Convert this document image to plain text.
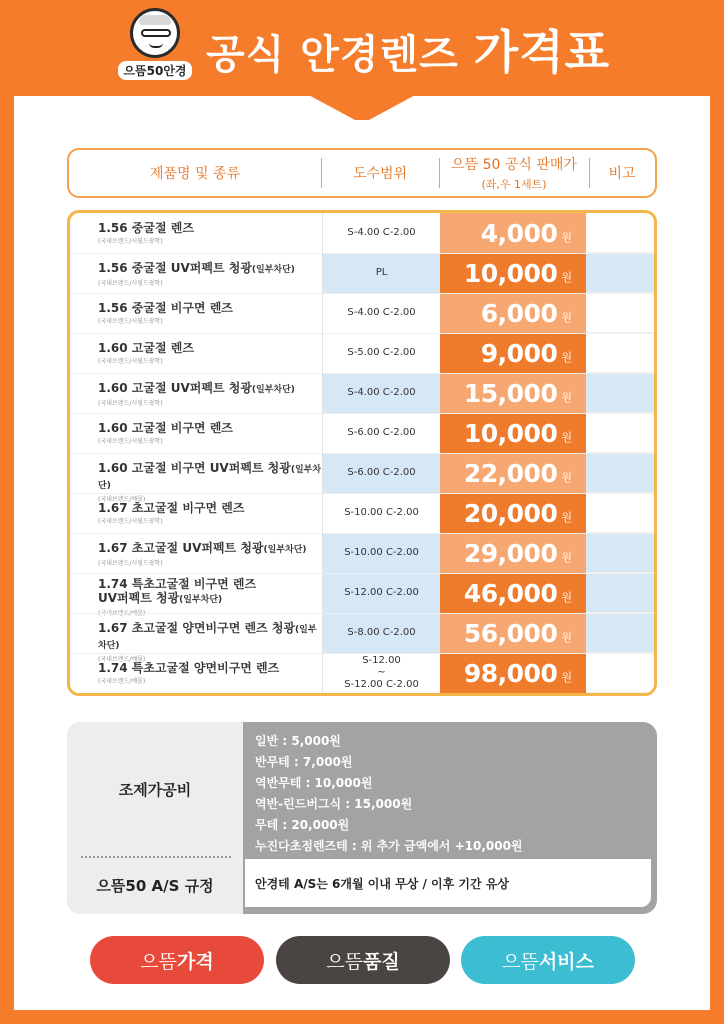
으뜸50안경 공식 안경렌즈 가격표
제품명 및 종류	도수범위
으뜸 50 공식 판매가
(좌,우 1세트)
비고
1.56 중굴절 렌즈
(국내브랜드/시필드광학)
S-4.00 C-2.00	4,000 원
1.56 중굴절 UV퍼펙트 청광(일부차단)
(국내브랜드/시필드광학)
PL	10,000 원
1.56 중굴절 비구면 렌즈
(국내브랜드/시필드광학)
S-4.00 C-2.00	6,000 원
1.60 고굴절 렌즈
(국내브랜드/시필드광학)
S-5.00 C-2.00	9,000 원
1.60 고굴절 UV퍼펙트 청광(일부차단)
(국내브랜드/시필드광학)
S-4.00 C-2.00 15,000 원
1.60 고굴절 비구면 렌즈
(국내브랜드/시필드광학)
S-6.00 C-2.00 10,000 원
1.60 고굴절 비구면 UV퍼펙트 청광(일부차단)
(국내브랜드/예몰)
S-6.00 C-2.00 22,000 원
1.67 초고굴절 비구면 렌즈
(국내브랜드/시필드광학)
S-10.00 C-2.00 20,000 원
1.67 초고굴절 UV퍼펙트 청광(일부차단)
(국내브랜드/시필드광학)
S-10.00 C-2.00 29,000 원
1.74 특초고굴절 비구면 렌즈
UV퍼펙트 청광(일부차단)
S-12.00 C-2.00 46,000 원
1.67 초고굴절 양면비구면 렌즈 청광(일부차단)
(국내브랜드/예몰)
S-8.00 C-2.00 56,000 원
1.74 특초고굴절 양면비구면 렌즈
(국내브랜드/예몰)
S-12.00
~
S-12.00 C-2.00 98,000 원
조제가공비
으뜸50 A/S 규정
일반 : 5,000원
반무테 : 7,000원
역반무테 : 10,000원
역반-린드버그식 : 15,000원
무테 : 20,000원
누진다초점렌즈테 : 위 추가 금액에서 +10,000원
안경테 A/S는 6개월 이내 무상 / 이후 기간 유상
으뜸 가격	으뜸 품질	으뜸 서비스
